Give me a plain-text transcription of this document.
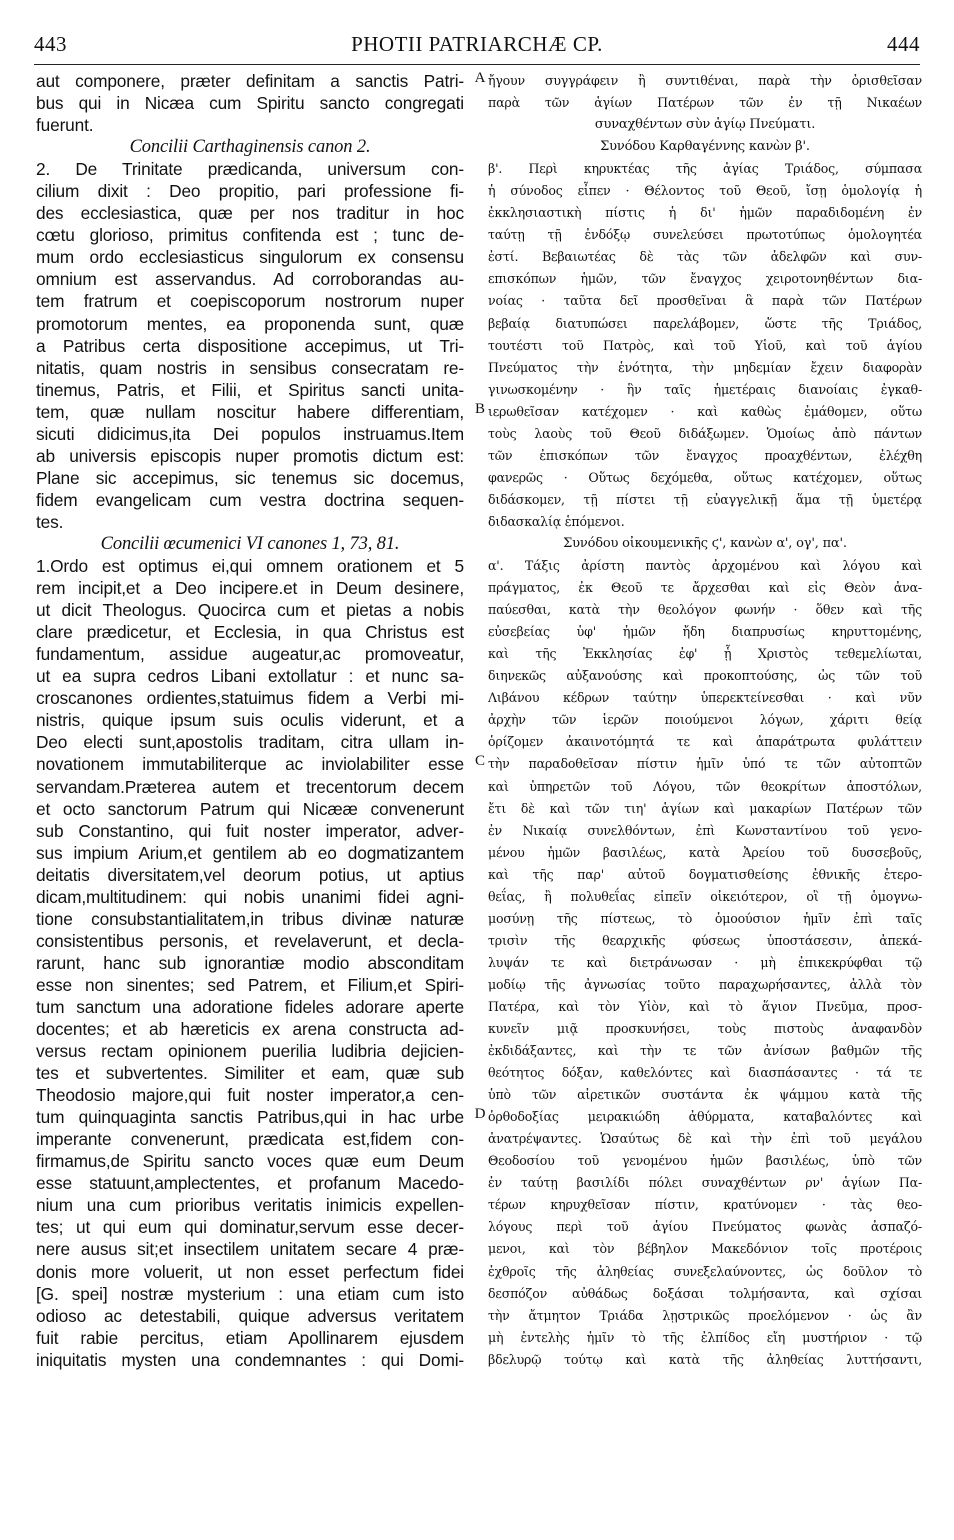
443	PHOTII PATRIARCHÆ CP.	444
aut componere, præter definitam a sanctis Patri-
bus qui in Nicæa cum Spiritu sancto congregati
fuerunt.
Concilii Carthaginensis canon 2.
2. De Trinitate prædicanda, universum con-
cilium dixit : Deo propitio, pari professione fi-
des ecclesiastica, quæ per nos traditur in hoc
cœtu glorioso, primitus confitenda est ; tunc de-
mum ordo ecclesiasticus singulorum ex consensu
omnium est asservandus. Ad corroborandas au-
tem fratrum et coepiscoporum nostrorum nuper
promotorum mentes, ea proponenda sunt, quæ
a Patribus certa dispositione accepimus, ut Tri-
nitatis, quam nostris in sensibus consecratam re-
tinemus, Patris, et Filii, et Spiritus sancti unita-
tem, quæ nullam noscitur habere differentiam,
sicuti didicimus,ita Dei populos instruamus.Item
ab universis episcopis nuper promotis dictum est:
Plane sic accepimus, sic tenemus sic docemus,
fidem evangelicam cum vestra doctrina sequen-
tes.
Concilii œcumenici VI canones 1, 73, 81.
1.Ordo est optimus ei,qui omnem orationem et 5
rem incipit,et a Deo incipere.et in Deum desinere,
ut dicit Theologus. Quocirca cum et pietas a nobis
clare prædicetur, et Ecclesia, in qua Christus est
fundamentum, assidue augeatur,ac promoveatur,
ut ea supra cedros Libani extollatur : et nunc sa-
croscanones ordientes,statuimus fidem a Verbi mi-
nistris, quique ipsum suis oculis viderunt, et a
Deo electi sunt,apostolis traditam, citra ullam in-
novationem immutabiliterque ac inviolabiliter esse
servandam.Præterea autem et trecentorum decem
et octo sanctorum Patrum qui Nicææ convenerunt
sub Constantino, qui fuit noster imperator, adver-
sus impium Arium,et gentilem ab eo dogmatizantem
deitatis diversitatem,vel deorum potius, ut aptius
dicam,multitudinem: qui nobis unanimi fidei agni-
tione consubstantialitatem,in tribus divinæ naturæ
consistentibus personis, et revelaverunt, et decla-
rarunt, hanc sub ignorantiæ modio absconditam
esse non sinentes; sed Patrem, et Filium,et Spiri-
tum sanctum una adoratione fideles adorare aperte
docentes; et ab hæreticis ex arena constructa ad-
versus rectam opinionem puerilia ludibria dejicien-
tes et subvertentes. Similiter et eam, quæ sub
Theodosio majore,qui fuit noster imperator,a cen-
tum quinquaginta sanctis Patribus,qui in hac urbe
imperante convenerunt, prædicata est,fidem con-
firmamus,de Spiritu sancto voces quæ eum Deum
esse statuunt,amplectentes, et profanum Macedo-
nium una cum prioribus veritatis inimicis expellen-
tes; ut qui eum qui dominatur,servum esse decer-
nere ausus sit;et insectilem unitatem secare 4 præ-
donis more voluerit, ut non esset perfectum fidei
[G. spei] nostræ mysterium : una etiam cum isto
odioso ac detestabili, quique adversus veritatem
fuit rabie percitus, etiam Apollinarem ejusdem
iniquitatis mysten una condemnantes : qui Domi-
ἤγουν συγγράφειν ἢ συντιθέναι, παρὰ τὴν ὁρισθεῖσαν
παρὰ τῶν ἁγίων Πατέρων τῶν ἐν τῇ Νικαέων
συναχθέντων σὺν ἁγίῳ Πνεύματι.
Συνόδου Καρθαγέννης κανὼν β'.
β'. Περὶ κηρυκτέας τῆς ἁγίας Τριάδος, σύμπασα
ἡ σύνοδος εἶπεν · Θέλοντος τοῦ Θεοῦ, ἴσῃ ὁμολογίᾳ ἡ
ἐκκλησιαστικὴ πίστις ἡ δι' ἡμῶν παραδιδομένη ἐν
ταύτῃ τῇ ἐνδόξῳ συνελεύσει πρωτοτύπως ὁμολογητέα
ἐστί. Βεβαιωτέας δὲ τὰς τῶν ἀδελφῶν καὶ συν-
επισκόπων ἡμῶν, τῶν ἔναγχος χειροτονηθέντων δια-
νοίας · ταῦτα δεῖ προσθεῖναι ἃ παρὰ τῶν Πατέρων
βεβαίᾳ διατυπώσει παρελάβομεν, ὥστε τῆς Τριάδος,
τουτέστι τοῦ Πατρὸς, καὶ τοῦ Υἱοῦ, καὶ τοῦ ἁγίου
Πνεύματος τὴν ἑνότητα, τὴν μηδεμίαν ἔχειν διαφορὰν
γινωσκομένην · ἣν ταῖς ἡμετέραις διανοίαις ἐγκαθ-
ιερωθεῖσαν κατέχομεν · καὶ καθὼς ἐμάθομεν, οὕτω
τοὺς λαοὺς τοῦ Θεοῦ διδάξωμεν. Ὁμοίως ἀπὸ πάντων
τῶν ἐπισκόπων τῶν ἔναγχος προαχθέντων, ἐλέχθη
φανερῶς · Οὕτως δεχόμεθα, οὕτως κατέχομεν, οὕτως
διδάσκομεν, τῇ πίστει τῇ εὐαγγελικῇ ἅμα τῇ ὑμετέρᾳ
διδασκαλίᾳ ἑπόμενοι.
Συνόδου οἰκουμενικῆς ϛ', κανὼν α', ογ', πα'.
α'. Τάξις ἀρίστη παντὸς ἀρχομένου καὶ λόγου καὶ
πράγματος, ἐκ Θεοῦ τε ἄρχεσθαι καὶ εἰς Θεὸν ἀνα-
παύεσθαι, κατὰ τὴν θεολόγον φωνήν · ὅθεν καὶ τῆς
εὐσεβείας ὑφ' ἡμῶν ἤδη διαπρυσίως κηρυττομένης,
καὶ τῆς Ἐκκλησίας ἐφ' ᾗ Χριστὸς τεθεμελίωται,
διηνεκῶς αὐξανούσης καὶ προκοπτούσης, ὡς τῶν τοῦ
Λιβάνου κέδρων ταύτην ὑπερεκτείνεσθαι · καὶ νῦν
ἀρχὴν τῶν ἱερῶν ποιούμενοι λόγων, χάριτι θείᾳ
ὁρίζομεν ἀκαινοτόμητά τε καὶ ἀπαράτρωτα φυλάττειν
τὴν παραδοθεῖσαν πίστιν ἡμῖν ὑπό τε τῶν αὐτοπτῶν
καὶ ὑπηρετῶν τοῦ Λόγου, τῶν θεοκρίτων ἀποστόλων,
ἔτι δὲ καὶ τῶν τιη' ἁγίων καὶ μακαρίων Πατέρων τῶν
ἐν Νικαίᾳ συνελθόντων, ἐπὶ Κωνσταντίνου τοῦ γενο-
μένου ἡμῶν βασιλέως, κατὰ Ἀρείου τοῦ δυσσεβοῦς,
καὶ τῆς παρ' αὐτοῦ δογματισθείσης ἐθνικῆς ἑτερο-
θεΐας, ἢ πολυθεΐας εἰπεῖν οἰκειότερον, οἳ τῇ ὁμογνω-
μοσύνῃ τῆς πίστεως, τὸ ὁμοούσιον ἡμῖν ἐπὶ ταῖς
τρισὶν τῆς θεαρχικῆς φύσεως ὑποστάσεσιν, ἀπεκά-
λυψάν τε καὶ διετράνωσαν · μὴ ἐπικεκρύφθαι τῷ
μοδίῳ τῆς ἀγνωσίας τοῦτο παραχωρήσαντες, ἀλλὰ τὸν
Πατέρα, καὶ τὸν Υἱὸν, καὶ τὸ ἅγιον Πνεῦμα, προσ-
κυνεῖν μιᾷ προσκυνήσει, τοὺς πιστοὺς ἀναφανδὸν
ἐκδιδάξαντες, καὶ τὴν τε τῶν ἀνίσων βαθμῶν τῆς
θεότητος δόξαν, καθελόντες καὶ διασπάσαντες · τά τε
ὑπὸ τῶν αἱρετικῶν συστάντα ἐκ ψάμμου κατὰ τῆς
ὀρθοδοξίας μειρακιώδη ἀθύρματα, καταβαλόντες καὶ
ἀνατρέψαντες. Ὡσαύτως δὲ καὶ τὴν ἐπὶ τοῦ μεγάλου
Θεοδοσίου τοῦ γενομένου ἡμῶν βασιλέως, ὑπὸ τῶν
ἐν ταύτῃ βασιλίδι πόλει συναχθέντων ρν' ἁγίων Πα-
τέρων κηρυχθεῖσαν πίστιν, κρατύνομεν · τὰς θεο-
λόγους περὶ τοῦ ἁγίου Πνεύματος φωνὰς ἀσπαζό-
μενοι, καὶ τὸν βέβηλον Μακεδόνιον τοῖς προτέροις
ἐχθροῖς τῆς ἀληθείας συνεξελαύνοντες, ὡς δοῦλον τὸ
δεσπόζον αὐθάδως δοξάσαι τολμήσαντα, καὶ σχίσαι
τὴν ἄτμητον Τριάδα λῃστρικῶς προελόμενον · ὡς ἂν
μὴ ἐντελὴς ἡμῖν τὸ τῆς ἐλπίδος εἴη μυστήριον · τῷ
βδελυρῷ τούτῳ καὶ κατὰ τῆς ἀληθείας λυττήσαντι,
A
B
C
D
